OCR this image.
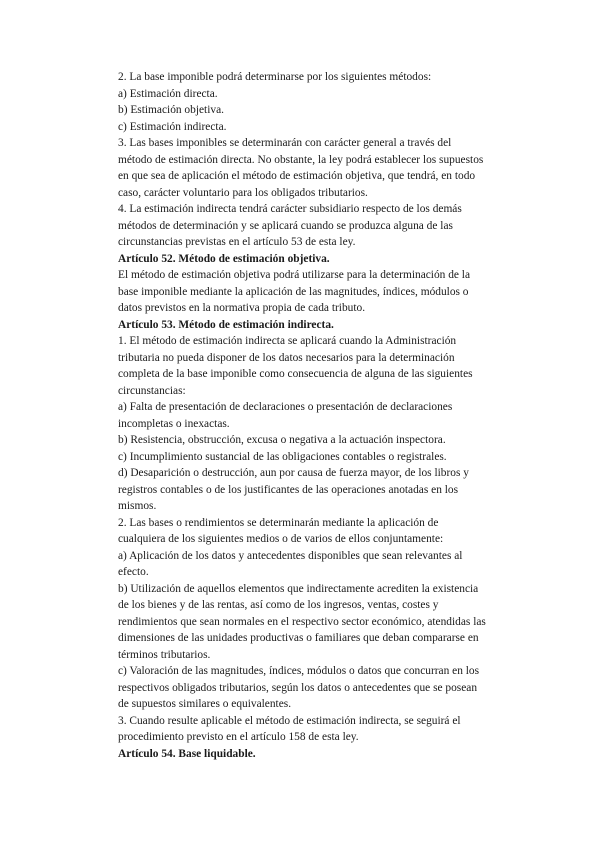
2. La base imponible podrá determinarse por los siguientes métodos:
a) Estimación directa.
b) Estimación objetiva.
c) Estimación indirecta.
3. Las bases imponibles se determinarán con carácter general a través del
método de estimación directa. No obstante, la ley podrá establecer los supuestos
en que sea de aplicación el método de estimación objetiva, que tendrá, en todo
caso, carácter voluntario para los obligados tributarios.
4. La estimación indirecta tendrá carácter subsidiario respecto de los demás
métodos de determinación y se aplicará cuando se produzca alguna de las
circunstancias previstas en el artículo 53 de esta ley.
Artículo 52. Método de estimación objetiva.
El método de estimación objetiva podrá utilizarse para la determinación de la
base imponible mediante la aplicación de las magnitudes, índices, módulos o
datos previstos en la normativa propia de cada tributo.
Artículo 53. Método de estimación indirecta.
1. El método de estimación indirecta se aplicará cuando la Administración
tributaria no pueda disponer de los datos necesarios para la determinación
completa de la base imponible como consecuencia de alguna de las siguientes
circunstancias:
a) Falta de presentación de declaraciones o presentación de declaraciones
incompletas o inexactas.
b) Resistencia, obstrucción, excusa o negativa a la actuación inspectora.
c) Incumplimiento sustancial de las obligaciones contables o registrales.
d) Desaparición o destrucción, aun por causa de fuerza mayor, de los libros y
registros contables o de los justificantes de las operaciones anotadas en los
mismos.
2. Las bases o rendimientos se determinarán mediante la aplicación de
cualquiera de los siguientes medios o de varios de ellos conjuntamente:
a) Aplicación de los datos y antecedentes disponibles que sean relevantes al
efecto.
b) Utilización de aquellos elementos que indirectamente acrediten la existencia
de los bienes y de las rentas, así como de los ingresos, ventas, costes y
rendimientos que sean normales en el respectivo sector económico, atendidas las
dimensiones de las unidades productivas o familiares que deban compararse en
términos tributarios.
c) Valoración de las magnitudes, índices, módulos o datos que concurran en los
respectivos obligados tributarios, según los datos o antecedentes que se posean
de supuestos similares o equivalentes.
3. Cuando resulte aplicable el método de estimación indirecta, se seguirá el
procedimiento previsto en el artículo 158 de esta ley.
Artículo 54. Base liquidable.
